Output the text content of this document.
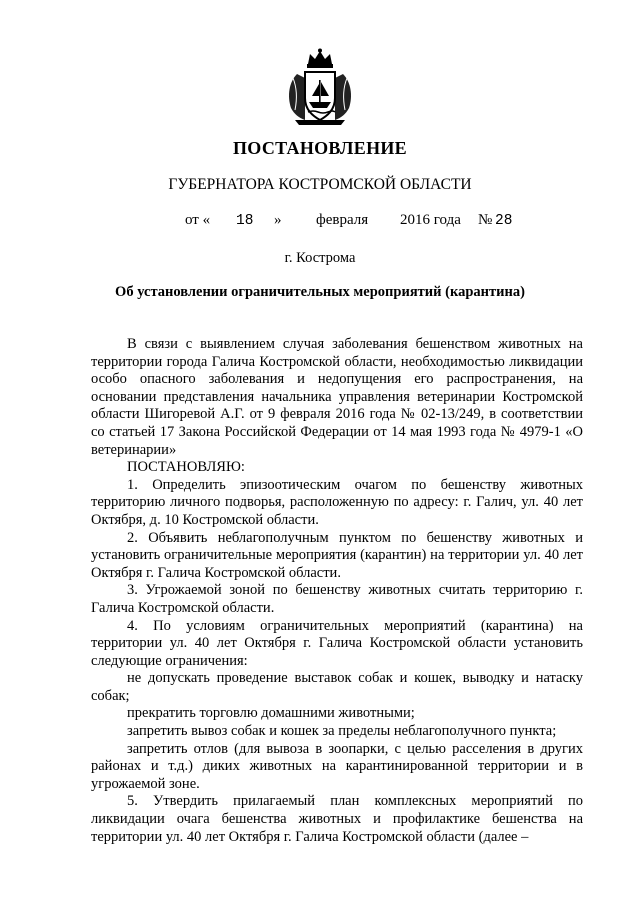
ПОСТАНОВЛЕНИЕ
ГУБЕРНАТОРА КОСТРОМСКОЙ ОБЛАСТИ
от « 18 » февраля 2016 года № 28
г. Кострома
Об установлении ограничительных мероприятий (карантина)

В связи с выявлением случая заболевания бешенством животных на территории города Галича Костромской области, необходимостью ликвидации особо опасного заболевания и недопущения его распространения, на основании представления начальника управления ветеринарии Костромской области Шигоревой А.Г. от 9 февраля 2016 года № 02-13/249, в соответствии со статьей 17 Закона Российской Федерации от 14 мая 1993 года № 4979-1 «О ветеринарии»

ПОСТАНОВЛЯЮ:

1. Определить эпизоотическим очагом по бешенству животных территорию личного подворья, расположенную по адресу: г. Галич, ул. 40 лет Октября, д. 10 Костромской области.

2. Объявить неблагополучным пунктом по бешенству животных и установить ограничительные мероприятия (карантин) на территории ул. 40 лет Октября г. Галича Костромской области.

3. Угрожаемой зоной по бешенству животных считать территорию г. Галича Костромской области.

4. По условиям ограничительных мероприятий (карантина) на территории ул. 40 лет Октября г. Галича Костромской области установить следующие ограничения:

не допускать проведение выставок собак и кошек, выводку и натаску собак;

прекратить торговлю домашними животными;

запретить вывоз собак и кошек за пределы неблагополучного пункта;

запретить отлов (для вывоза в зоопарки, с целью расселения в других районах и т.д.) диких животных на карантинированной территории и в угрожаемой зоне.

5. Утвердить прилагаемый план комплексных мероприятий по ликвидации очага бешенства животных и профилактике бешенства на территории ул. 40 лет Октября г. Галича Костромской области (далее –
